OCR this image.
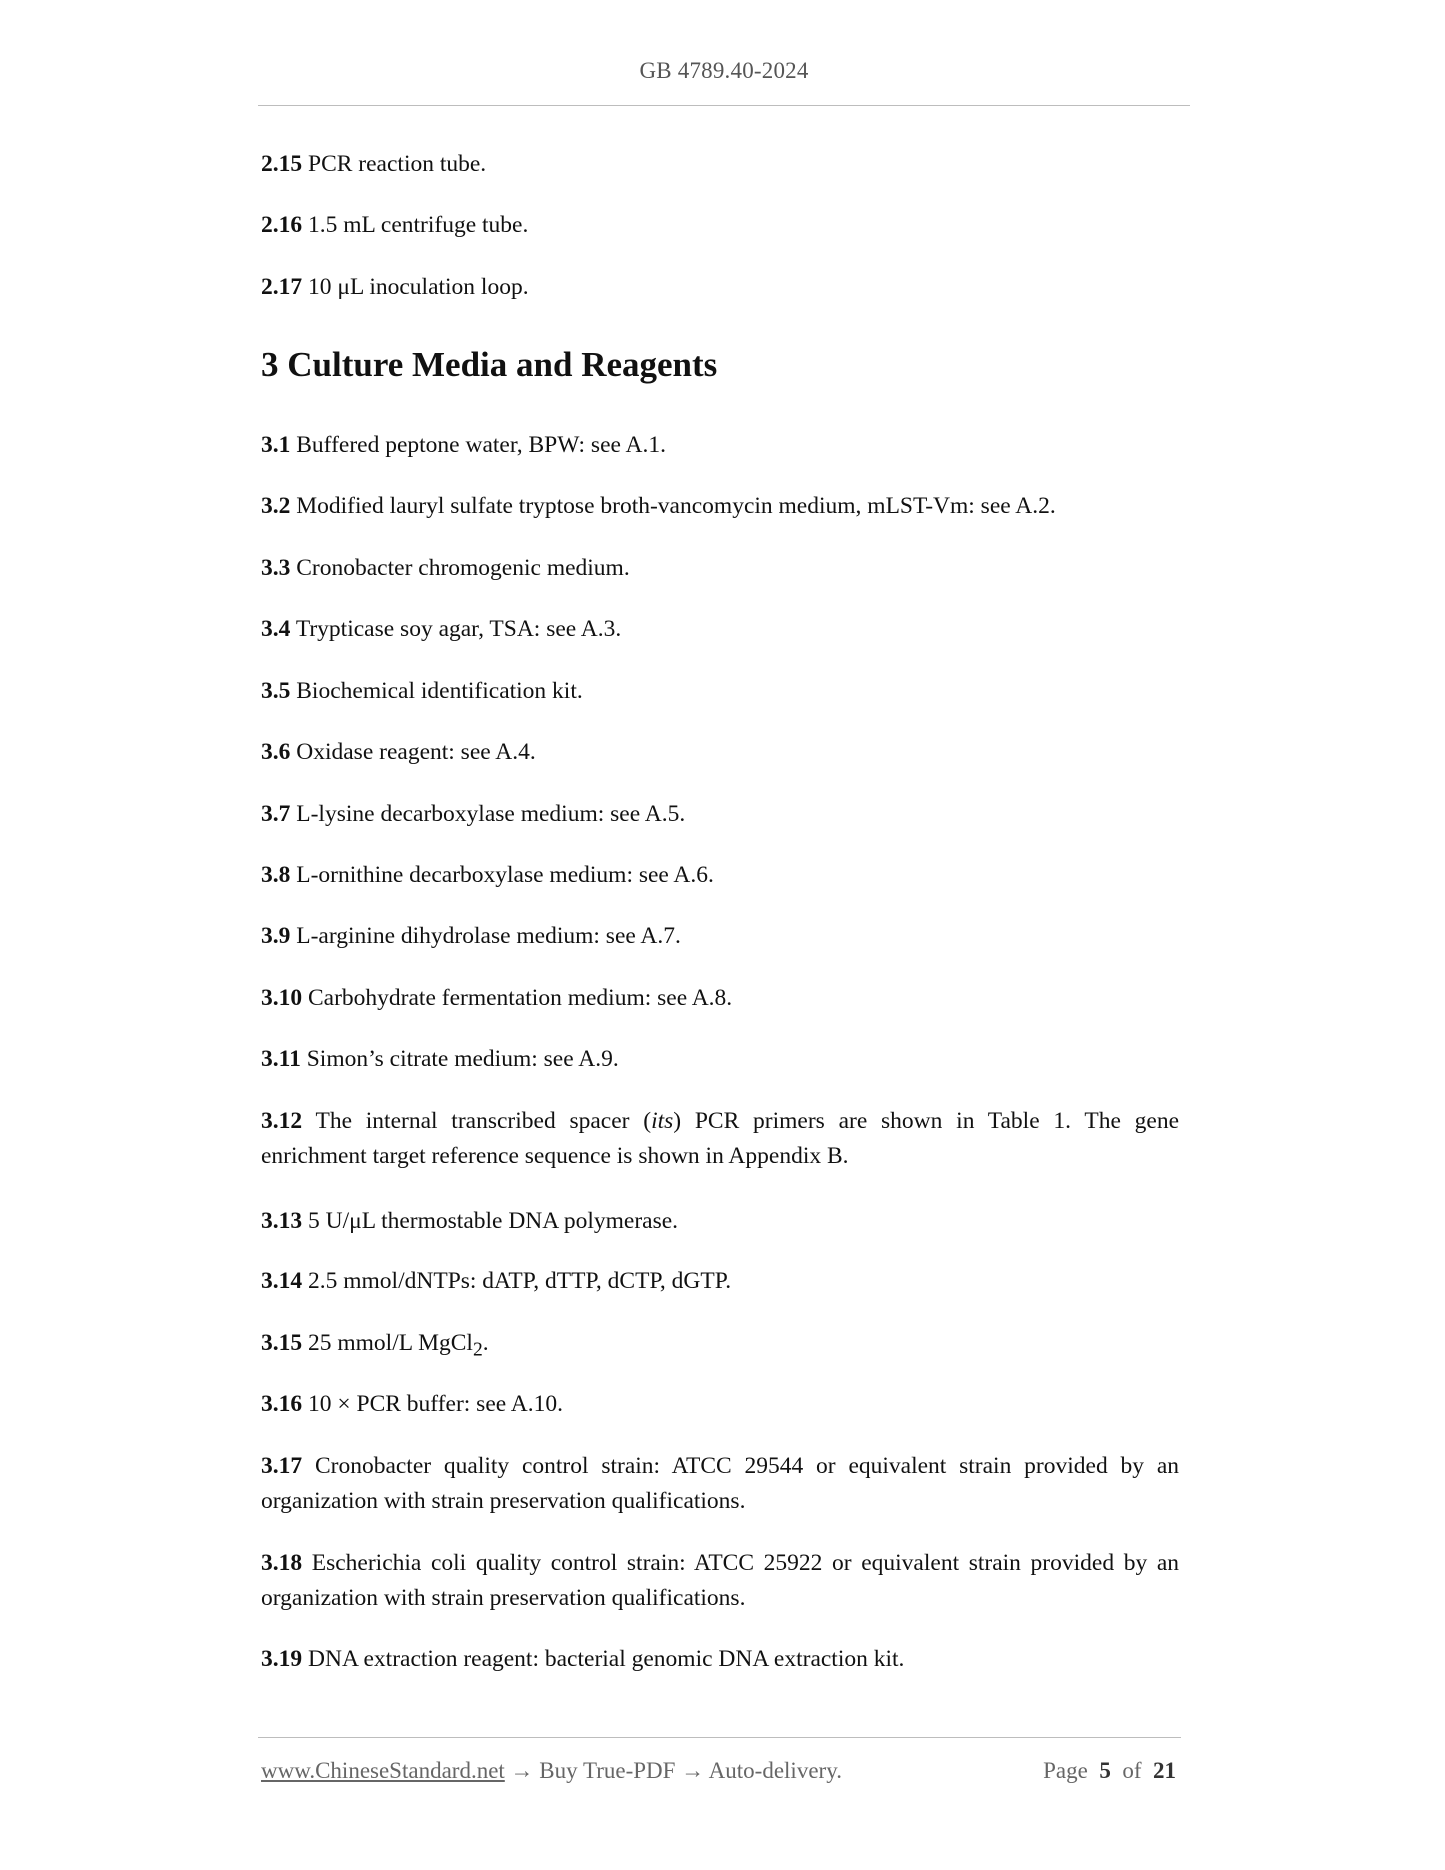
GB 4789.40-2024
2.15 PCR reaction tube.
2.16 1.5 mL centrifuge tube.
2.17 10 μL inoculation loop.
3 Culture Media and Reagents
3.1 Buffered peptone water, BPW: see A.1.
3.2 Modified lauryl sulfate tryptose broth-vancomycin medium, mLST-Vm: see A.2.
3.3 Cronobacter chromogenic medium.
3.4 Trypticase soy agar, TSA: see A.3.
3.5 Biochemical identification kit.
3.6 Oxidase reagent: see A.4.
3.7 L-lysine decarboxylase medium: see A.5.
3.8 L-ornithine decarboxylase medium: see A.6.
3.9 L-arginine dihydrolase medium: see A.7.
3.10 Carbohydrate fermentation medium: see A.8.
3.11 Simon’s citrate medium: see A.9.
3.12 The internal transcribed spacer (its) PCR primers are shown in Table 1. The gene enrichment target reference sequence is shown in Appendix B.
3.13 5 U/μL thermostable DNA polymerase.
3.14 2.5 mmol/dNTPs: dATP, dTTP, dCTP, dGTP.
3.15 25 mmol/L MgCl$_2$.
3.16 10 × PCR buffer: see A.10.
3.17 Cronobacter quality control strain: ATCC 29544 or equivalent strain provided by an organization with strain preservation qualifications.
3.18 Escherichia coli quality control strain: ATCC 25922 or equivalent strain provided by an organization with strain preservation qualifications.
3.19 DNA extraction reagent: bacterial genomic DNA extraction kit.
www.ChineseStandard.net → Buy True-PDF → Auto-delivery.	Page 5 of 21
